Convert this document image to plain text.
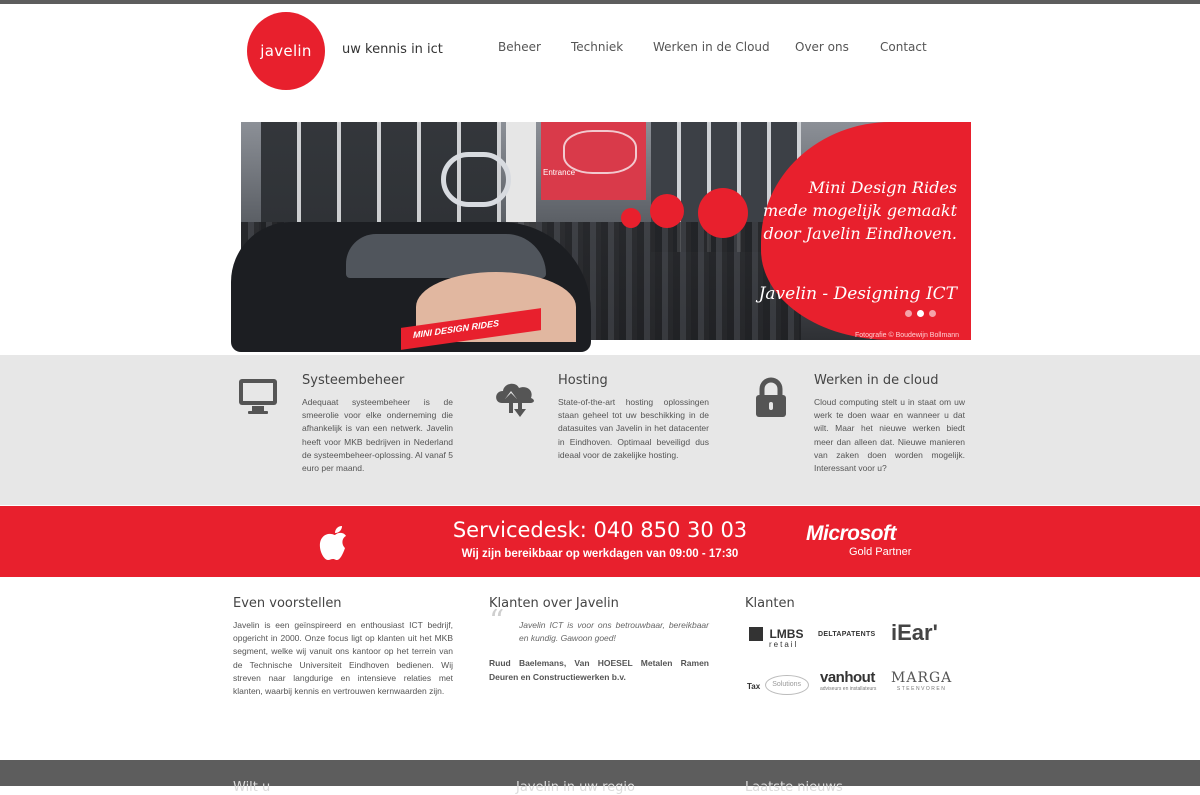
javelin	uw kennis in ict	Beheer	Techniek Werken in de Cloud Over ons	Contact
Entrance
MINI DESIGN RIDES
Mini Design Rides
mede mogelijk gemaakt
door Javelin Eindhoven.
Javelin - Designing ICT
Fotografie © Boudewijn Bollmann
Systeembeheer
Adequaat systeembeheer is de smeerolie voor elke onderneming die afhankelijk is van een netwerk. Javelin heeft voor MKB bedrijven in Nederland de systeembeheer-oplossing. Al vanaf 5 euro per maand.
Hosting
State-of-the-art hosting oplossingen staan geheel tot uw beschikking in de datasuites van Javelin in het datacenter in Eindhoven. Optimaal beveiligd dus ideaal voor de zakelijke hosting.
Werken in de cloud
Cloud computing stelt u in staat om uw werk te doen waar en wanneer u dat wilt. Maar het nieuwe werken biedt meer dan alleen dat. Nieuwe manieren van zaken doen worden mogelijk. Interessant voor u?
Servicedesk: 040 850 30 03
Wij zijn bereikbaar op werkdagen van 09:00 - 17:30
Microsoft
Gold Partner
Even voorstellen
Javelin is een geïnspireerd en enthousiast ICT bedrijf, opgericht in 2000. Onze focus ligt op klanten uit het MKB segment, welke wij vanuit ons kantoor op het terrein van de Technische Universiteit Eindhoven bedienen. Wij streven naar langdurige en intensieve relaties met klanten, waarbij kennis en vertrouwen kernwaarden zijn.
Klanten over Javelin
“ Javelin ICT is voor ons betrouwbaar, bereikbaar en kundig. Gawoon goed!
Ruud Baelemans, Van HOESEL Metalen Ramen Deuren en Constructiewerken b.v.
Klanten
LMBS
retail
DELTAPATENTS iEar'
Tax Solutions	vanhout
adviseurs en installateurs
MARGA
STEENVOREN
Wilt u	Javelin in uw regio	Laatste nieuws
